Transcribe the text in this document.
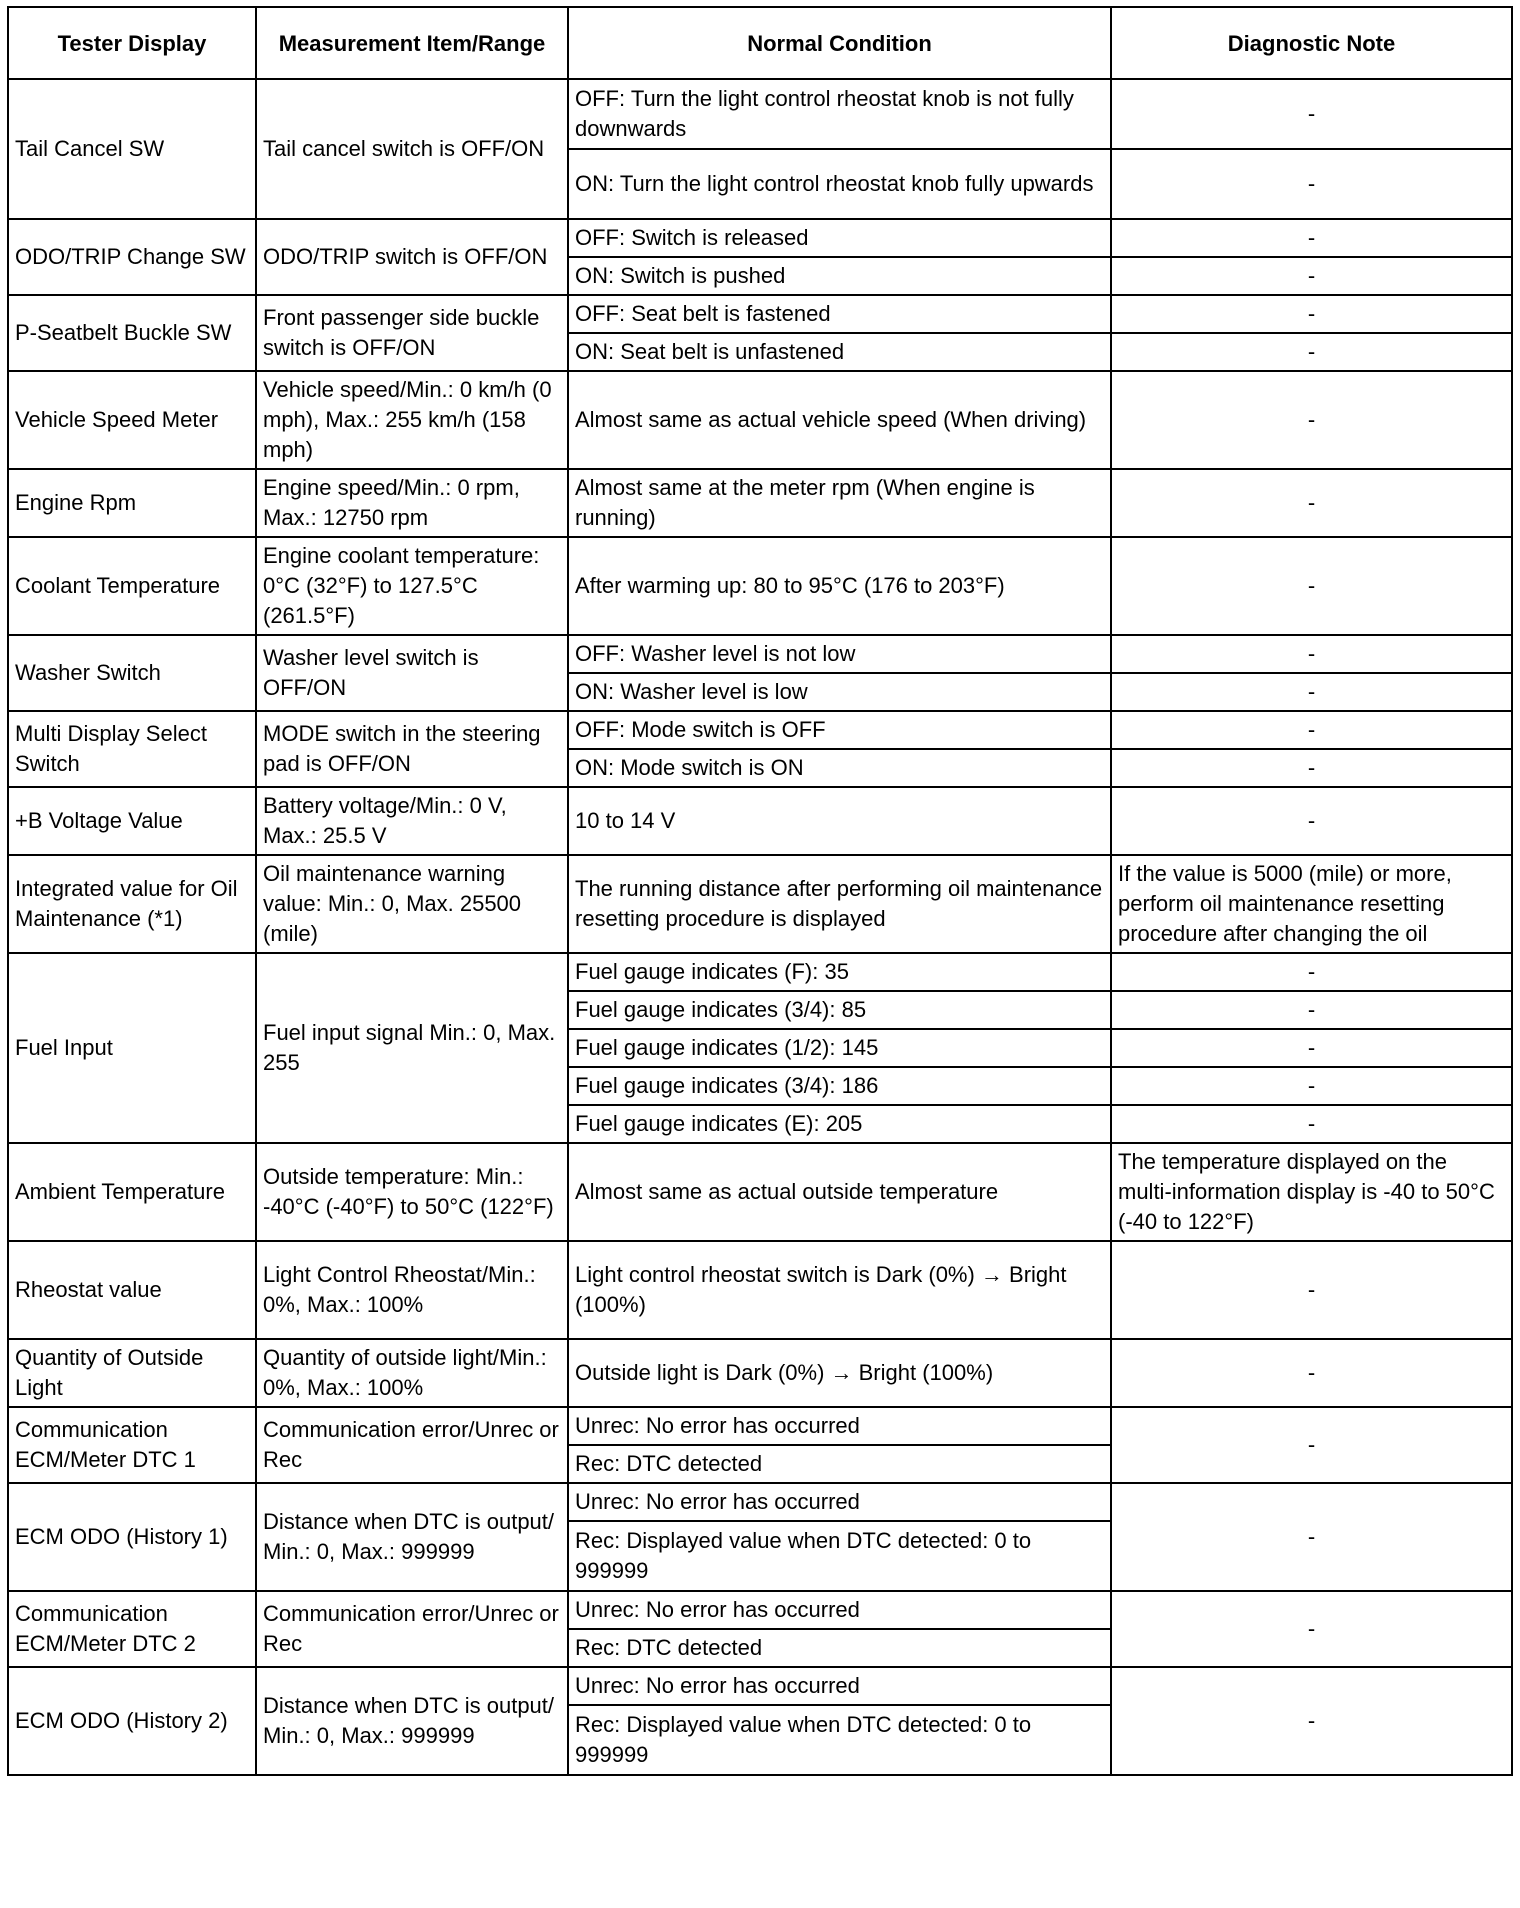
Tester Display	Measurement Item/Range	Normal Condition	Diagnostic Note
Tail Cancel SW	Tail cancel switch is OFF/ON	OFF: Turn the light control rheostat knob is not fully downwards	-
		ON: Turn the light control rheostat knob fully upwards	-
ODO/TRIP Change SW	ODO/TRIP switch is OFF/ON	OFF: Switch is released	-
		ON: Switch is pushed	-
P-Seatbelt Buckle SW	Front passenger side buckle switch is OFF/ON	OFF: Seat belt is fastened	-
		ON: Seat belt is unfastened	-
Vehicle Speed Meter	Vehicle speed/Min.: 0 km/h (0 mph), Max.: 255 km/h (158 mph)	Almost same as actual vehicle speed (When driving)	-
Engine Rpm	Engine speed/Min.: 0 rpm, Max.: 12750 rpm	Almost same at the meter rpm (When engine is running)	-
Coolant Temperature	Engine coolant temperature: 0°C (32°F) to 127.5°C (261.5°F)	After warming up: 80 to 95°C (176 to 203°F)	-
Washer Switch	Washer level switch is OFF/ON	OFF: Washer level is not low	-
		ON: Washer level is low	-
Multi Display Select Switch	MODE switch in the steering pad is OFF/ON	OFF: Mode switch is OFF	-
		ON: Mode switch is ON	-
+B Voltage Value	Battery voltage/Min.: 0 V, Max.: 25.5 V	10 to 14 V	-
Integrated value for Oil Maintenance (*1)	Oil maintenance warning value: Min.: 0, Max. 25500 (mile)	The running distance after performing oil maintenance resetting procedure is displayed	If the value is 5000 (mile) or more, perform oil maintenance resetting procedure after changing the oil
Fuel Input	Fuel input signal Min.: 0, Max. 255	Fuel gauge indicates (F): 35	-
		Fuel gauge indicates (3/4): 85	-
		Fuel gauge indicates (1/2): 145	-
		Fuel gauge indicates (3/4): 186	-
		Fuel gauge indicates (E): 205	-
Ambient Temperature	Outside temperature: Min.: -40°C (-40°F) to 50°C (122°F)	Almost same as actual outside temperature	The temperature displayed on the multi-information display is -40 to 50°C (-40 to 122°F)
Rheostat value	Light Control Rheostat/Min.: 0%, Max.: 100%	Light control rheostat switch is Dark (0%) → Bright (100%)	-
Quantity of Outside Light	Quantity of outside light/Min.: 0%, Max.: 100%	Outside light is Dark (0%) → Bright (100%)	-
Communication ECM/Meter DTC 1	Communication error/Unrec or Rec	Unrec: No error has occurred	-
		Rec: DTC detected	
ECM ODO (History 1)	Distance when DTC is output/ Min.: 0, Max.: 999999	Unrec: No error has occurred	-
		Rec: Displayed value when DTC detected: 0 to 999999	
Communication ECM/Meter DTC 2	Communication error/Unrec or Rec	Unrec: No error has occurred	-
		Rec: DTC detected	
ECM ODO (History 2)	Distance when DTC is output/ Min.: 0, Max.: 999999	Unrec: No error has occurred	-
		Rec: Displayed value when DTC detected: 0 to 999999	
